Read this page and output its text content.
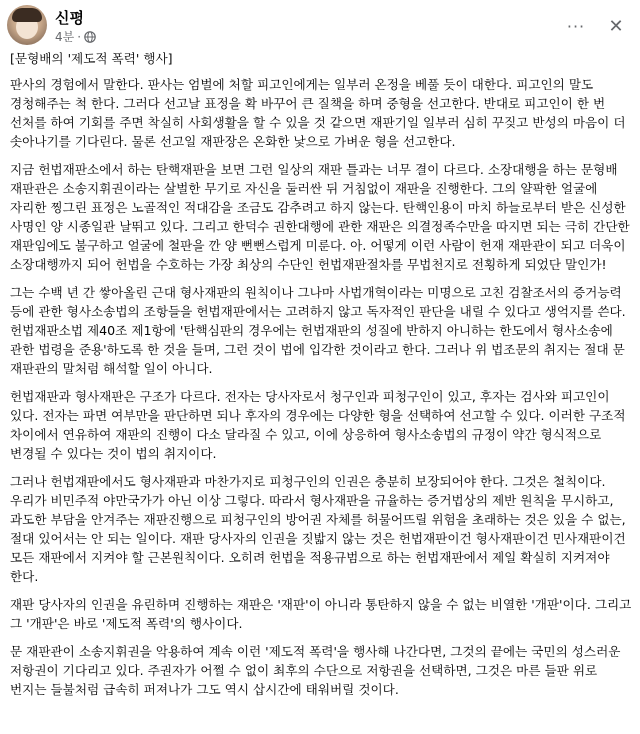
신평
4분 ·
···	✕

[문형배의 '제도적 폭력' 행사]

판사의 경험에서 말한다. 판사는 엄벌에 처할 피고인에게는 일부러 온정을 베풀 듯이 대한다. 피고인의 말도 경청해주는 척 한다. 그러다 선고날 표정을 확 바꾸어 큰 질책을 하며 중형을 선고한다. 반대로 피고인이 한 번 선처를 하여 기회를 주면 착실히 사회생활을 할 수 있을 것 같으면 재판기일 일부러 심히 꾸짖고 반성의 마음이 더 솟아나기를 기다린다. 물론 선고일 재판장은 온화한 낯으로 가벼운 형을 선고한다.

지금 헌법재판소에서 하는 탄핵재판을 보면 그런 일상의 재판 틀과는 너무 결이 다르다. 소장대행을 하는 문형배 재판관은 소송지휘권이라는 살벌한 무기로 자신을 둘러싼 뒤 거침없이 재판을 진행한다. 그의 얄팍한 얼굴에 자리한 찡그린 표정은 노골적인 적대감을 조금도 감추려고 하지 않는다. 탄핵인용이 마치 하늘로부터 받은 신성한 사명인 양 시종일관 날뛰고 있다. 그리고 한덕수 권한대행에 관한 재판은 의결정족수만을 따지면 되는 극히 간단한 재판임에도 불구하고 얼굴에 철판을 깐 양 뻔뻔스럽게 미룬다. 아. 어떻게 이런 사람이 헌재 재판관이 되고 더욱이 소장대행까지 되어 헌법을 수호하는 가장 최상의 수단인 헌법재판절차를 무법천지로 전횡하게 되었단 말인가!

그는 수백 년 간 쌓아올린 근대 형사재판의 원칙이나 그나마 사법개혁이라는 미명으로 고친 검찰조서의 증거능력 등에 관한 형사소송법의 조항들을 헌법재판에서는 고려하지 않고 독자적인 판단을 내릴 수 있다고 생억지를 쓴다. 헌법재판소법 제40조 제1항에 '탄핵심판의 경우에는 헌법재판의 성질에 반하지 아니하는 한도에서 형사소송에 관한 법령을 준용'하도록 한 것을 들며, 그런 것이 법에 입각한 것이라고 한다. 그러나 위 법조문의 취지는 절대 문 재판관의 말처럼 해석할 일이 아니다.

헌법재판과 형사재판은 구조가 다르다. 전자는 당사자로서 청구인과 피청구인이 있고, 후자는 검사와 피고인이 있다. 전자는 파면 여부만을 판단하면 되나 후자의 경우에는 다양한 형을 선택하여 선고할 수 있다. 이러한 구조적 차이에서 연유하여 재판의 진행이 다소 달라질 수 있고, 이에 상응하여 형사소송법의 규정이 약간 형식적으로 변경될 수 있다는 것이 법의 취지이다.

그러나 헌법재판에서도 형사재판과 마찬가지로 피청구인의 인권은 충분히 보장되어야 한다. 그것은 철칙이다. 우리가 비민주적 야만국가가 아닌 이상 그렇다. 따라서 형사재판을 규율하는 증거법상의 제반 원칙을 무시하고, 과도한 부담을 안겨주는 재판진행으로 피청구인의 방어권 자체를 허물어뜨릴 위험을 초래하는 것은 있을 수 없는, 절대 있어서는 안 되는 일이다. 재판 당사자의 인권을 짓밟지 않는 것은 헌법재판이건 형사재판이건 민사재판이건 모든 재판에서 지켜야 할 근본원칙이다. 오히려 헌법을 적용규범으로 하는 헌법재판에서 제일 확실히 지켜져야 한다.

재판 당사자의 인권을 유린하며 진행하는 재판은 '재판'이 아니라 통탄하지 않을 수 없는 비열한 '개판'이다. 그리고 그 '개판'은 바로 '제도적 폭력'의 행사이다.

문 재판관이 소송지휘권을 악용하여 계속 이런 '제도적 폭력'을 행사해 나간다면, 그것의 끝에는 국민의 성스러운 저항권이 기다리고 있다. 주권자가 어쩔 수 없이 최후의 수단으로 저항권을 선택하면, 그것은 마른 들판 위로 번지는 들불처럼 급속히 퍼져나가 그도 역시 삽시간에 태워버릴 것이다.
